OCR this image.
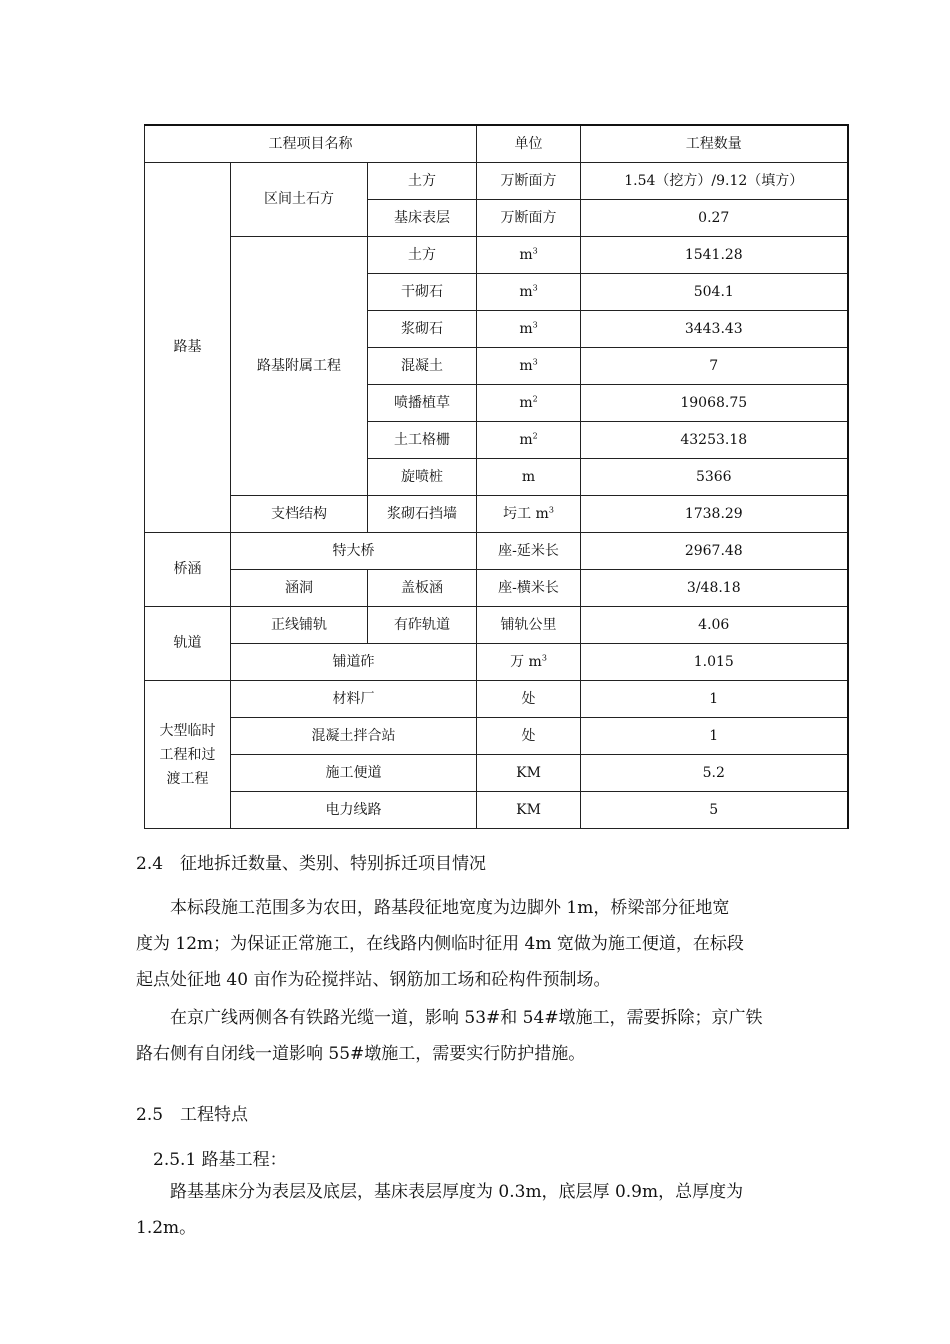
工程项目名称			单位	工程数量
路基	区间土石方	土方	万断面方	1.54（挖方）/9.12（填方）
		基床表层	万断面方	0.27
	路基附属工程	土方	$m^3$	1541.28
		干砌石	$m^3$	504.1
		浆砌石	$m^3$	3443.43
		混凝土	$m^3$	7
		喷播植草	$m^2$	19068.75
		土工格栅	$m^2$	43253.18
		旋喷桩	m	5366
	支档结构	浆砌石挡墙	圬工 $m^3$	1738.29
桥涵	特大桥		座-延米长	2967.48
	涵洞	盖板涵	座-横米长	3/48.18
轨道	正线铺轨	有砟轨道	铺轨公里	4.06
	铺道砟		万 $m^3$	1.015

大型临时
工程和过
渡工程	材料厂		处	1
	混凝土拌合站		处	1
	施工便道		KM	5.2
	电力线路		KM	5

2.4　征地拆迁数量、类别、特别拆迁项目情况

　　本标段施工范围多为农田，路基段征地宽度为边脚外 1m，桥梁部分征地宽
度为 12m；为保证正常施工，在线路内侧临时征用 4m 宽做为施工便道，在标段
起点处征地 40 亩作为砼搅拌站、钢筋加工场和砼构件预制场。
　　在京广线两侧各有铁路光缆一道，影响 53#和 54#墩施工，需要拆除；京广铁
路右侧有自闭线一道影响 55#墩施工，需要实行防护措施。

2.5　工程特点

　2.5.1 路基工程：

　　路基基床分为表层及底层，基床表层厚度为 0.3m，底层厚 0.9m，总厚度为
1.2m。
